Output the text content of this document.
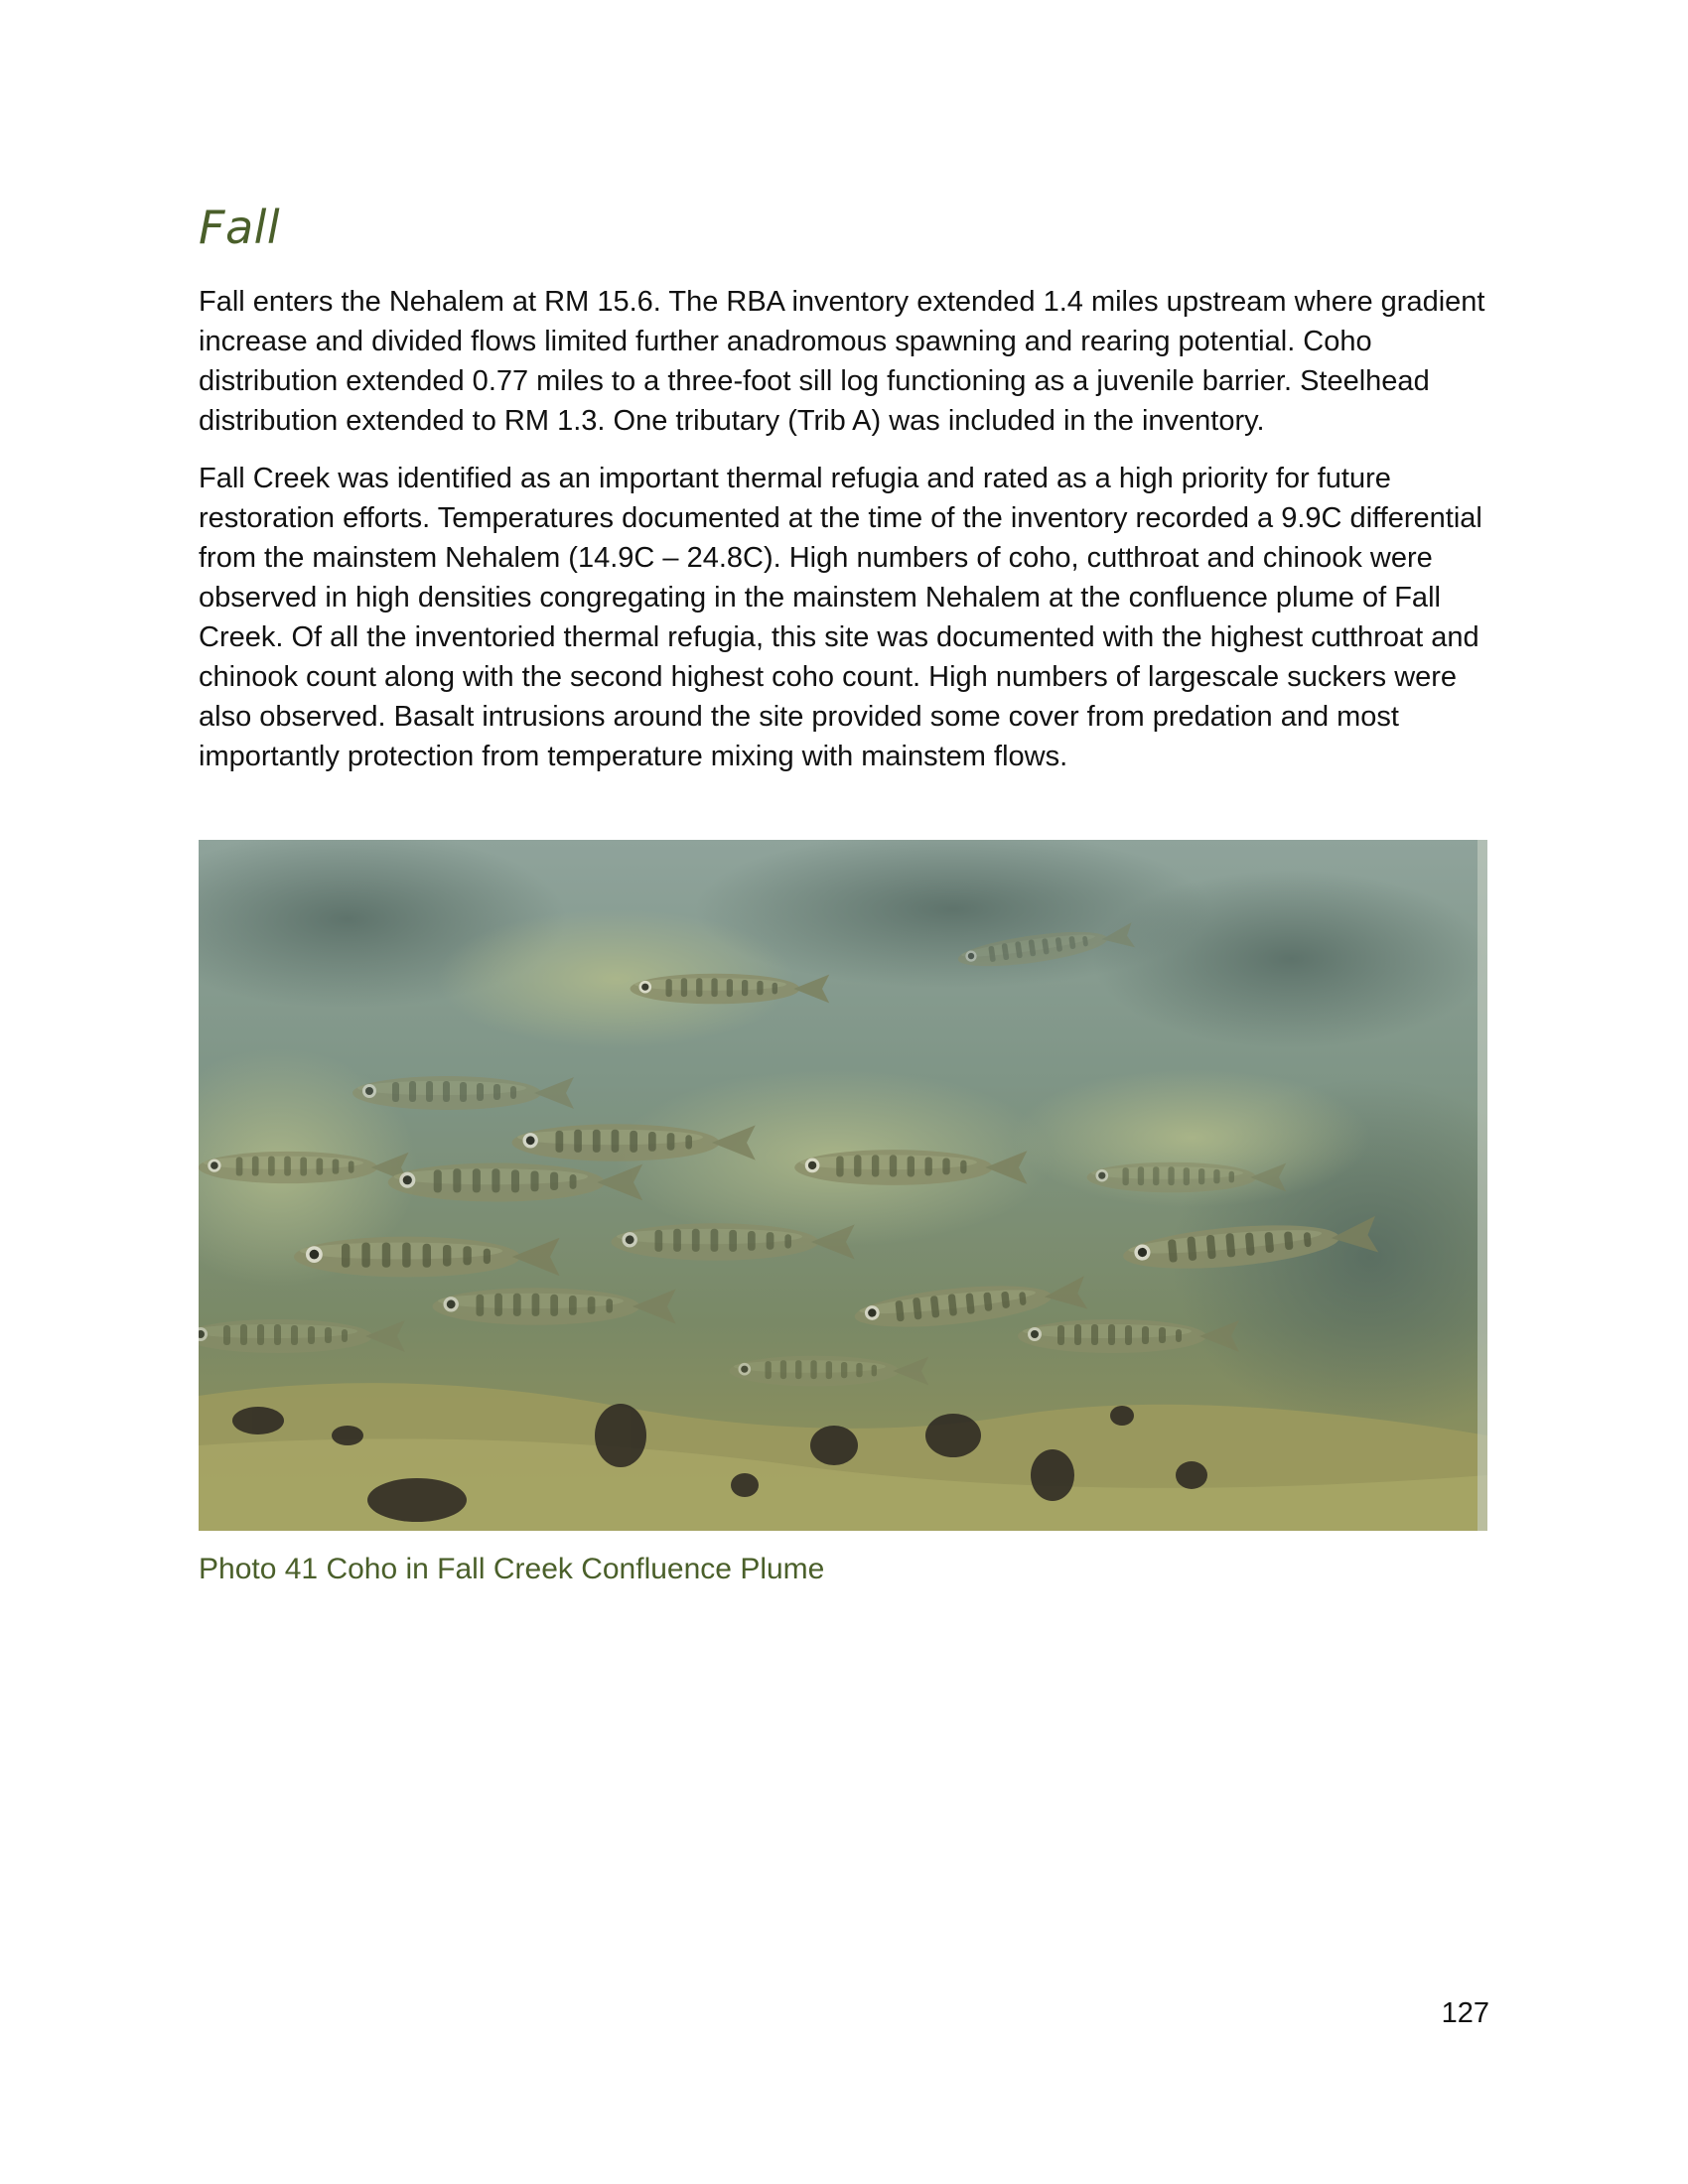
Fall

Fall enters the Nehalem at RM 15.6. The RBA inventory extended 1.4 miles upstream where gradient increase and divided flows limited further anadromous spawning and rearing potential. Coho distribution extended 0.77 miles to a three-foot sill log functioning as a juvenile barrier. Steelhead distribution extended to RM 1.3. One tributary (Trib A) was included in the inventory.

Fall Creek was identified as an important thermal refugia and rated as a high priority for future restoration efforts. Temperatures documented at the time of the inventory recorded a 9.9C differential from the mainstem Nehalem (14.9C – 24.8C). High numbers of coho, cutthroat and chinook were observed in high densities congregating in the mainstem Nehalem at the confluence plume of Fall Creek. Of all the inventoried thermal refugia, this site was documented with the highest cutthroat and chinook count along with the second highest coho count. High numbers of largescale suckers were also observed. Basalt intrusions around the site provided some cover from predation and most importantly protection from temperature mixing with mainstem flows.

Photo 41 Coho in Fall Creek Confluence Plume

127
